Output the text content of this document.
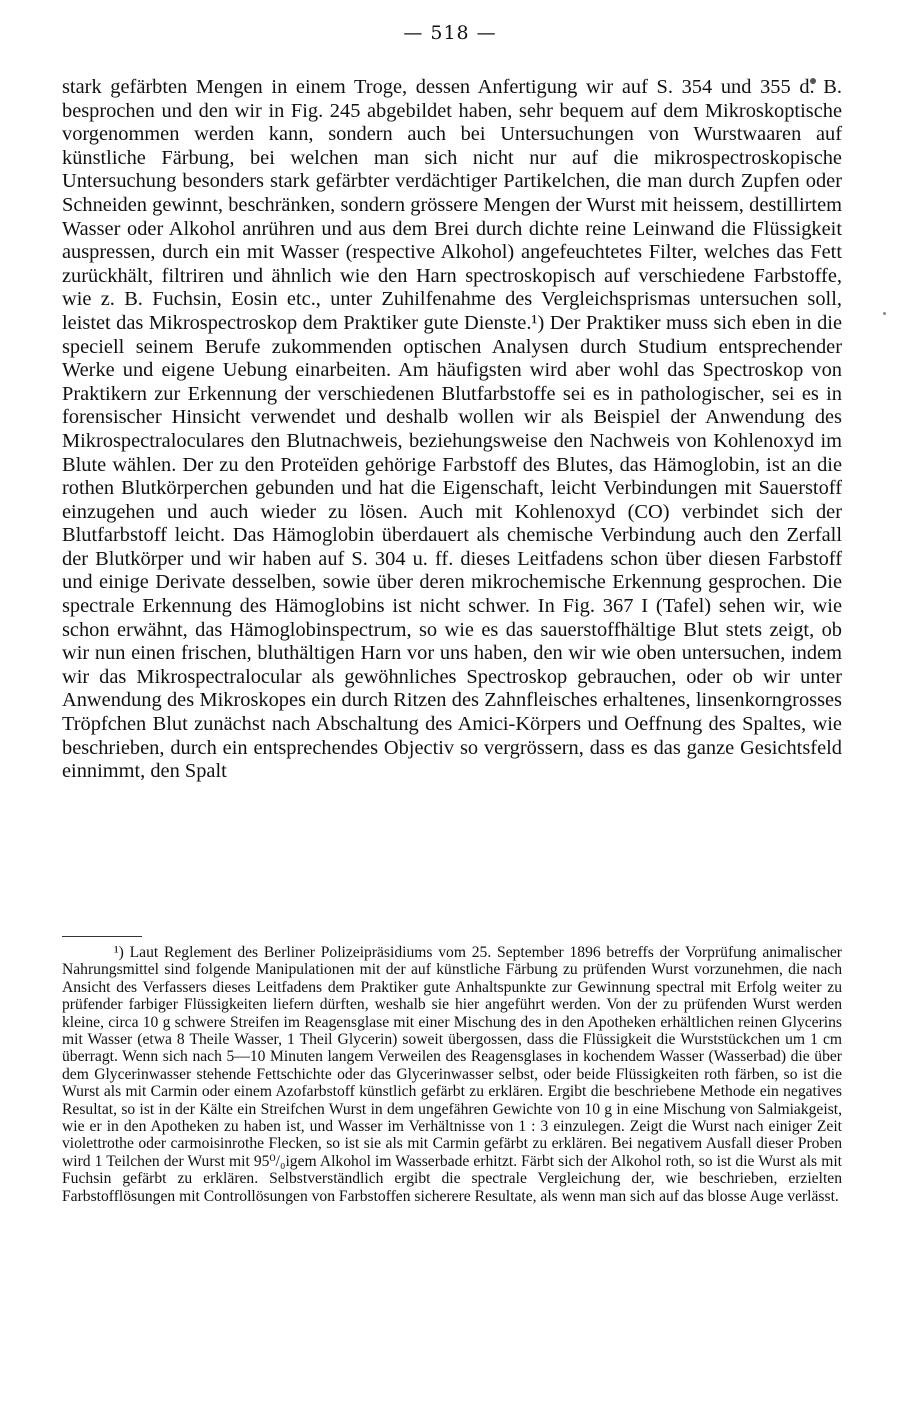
— 518 —

stark gefärbten Mengen in einem Troge, dessen Anfertigung wir auf S. 354 und 355 d. B. besprochen und den wir in Fig. 245 abgebildet haben, sehr bequem auf dem Mikroskoptische vorgenommen werden kann, sondern auch bei Untersuchungen von Wurstwaaren auf künstliche Färbung, bei welchen man sich nicht nur auf die mikrospectroskopische Untersuchung besonders stark gefärbter verdächtiger Partikelchen, die man durch Zupfen oder Schneiden gewinnt, beschränken, sondern grössere Mengen der Wurst mit heissem, destillirtem Wasser oder Alkohol anrühren und aus dem Brei durch dichte reine Leinwand die Flüssigkeit auspressen, durch ein mit Wasser (respective Alkohol) angefeuchtetes Filter, welches das Fett zurückhält, filtriren und ähnlich wie den Harn spectroskopisch auf verschiedene Farbstoffe, wie z. B. Fuchsin, Eosin etc., unter Zuhilfenahme des Vergleichsprismas untersuchen soll, leistet das Mikrospectroskop dem Praktiker gute Dienste.¹) Der Praktiker muss sich eben in die speciell seinem Berufe zukommenden optischen Analysen durch Studium entsprechender Werke und eigene Uebung einarbeiten. Am häufigsten wird aber wohl das Spectroskop von Praktikern zur Erkennung der verschiedenen Blutfarbstoffe sei es in pathologischer, sei es in forensischer Hinsicht verwendet und deshalb wollen wir als Beispiel der Anwendung des Mikrospectraloculares den Blutnachweis, beziehungsweise den Nachweis von Kohlenoxyd im Blute wählen. Der zu den Proteïden gehörige Farbstoff des Blutes, das Hämoglobin, ist an die rothen Blutkörperchen gebunden und hat die Eigenschaft, leicht Verbindungen mit Sauerstoff einzugehen und auch wieder zu lösen. Auch mit Kohlenoxyd (CO) verbindet sich der Blutfarbstoff leicht. Das Hämoglobin überdauert als chemische Verbindung auch den Zerfall der Blutkörper und wir haben auf S. 304 u. ff. dieses Leitfadens schon über diesen Farbstoff und einige Derivate desselben, sowie über deren mikrochemische Erkennung gesprochen. Die spectrale Erkennung des Hämoglobins ist nicht schwer. In Fig. 367 I (Tafel) sehen wir, wie schon erwähnt, das Hämoglobinspectrum, so wie es das sauerstoffhältige Blut stets zeigt, ob wir nun einen frischen, bluthältigen Harn vor uns haben, den wir wie oben untersuchen, indem wir das Mikrospectralocular als gewöhnliches Spectroskop gebrauchen, oder ob wir unter Anwendung des Mikroskopes ein durch Ritzen des Zahnfleisches erhaltenes, linsenkorngrosses Tröpfchen Blut zunächst nach Abschaltung des Amici-Körpers und Oeffnung des Spaltes, wie beschrieben, durch ein entsprechendes Objectiv so vergrössern, dass es das ganze Gesichtsfeld einnimmt, den Spalt

¹) Laut Reglement des Berliner Polizeipräsidiums vom 25. September 1896 betreffs der Vorprüfung animalischer Nahrungsmittel sind folgende Manipulationen mit der auf künstliche Färbung zu prüfenden Wurst vorzunehmen, die nach Ansicht des Verfassers dieses Leitfadens dem Praktiker gute Anhaltspunkte zur Gewinnung spectral mit Erfolg weiter zu prüfender farbiger Flüssigkeiten liefern dürften, weshalb sie hier angeführt werden. Von der zu prüfenden Wurst werden kleine, circa 10 g schwere Streifen im Reagensglase mit einer Mischung des in den Apotheken erhältlichen reinen Glycerins mit Wasser (etwa 8 Theile Wasser, 1 Theil Glycerin) soweit übergossen, dass die Flüssigkeit die Wurststückchen um 1 cm überragt. Wenn sich nach 5—10 Minuten langem Verweilen des Reagensglases in kochendem Wasser (Wasserbad) die über dem Glycerinwasser stehende Fettschichte oder das Glycerinwasser selbst, oder beide Flüssigkeiten roth färben, so ist die Wurst als mit Carmin oder einem Azofarbstoff künstlich gefärbt zu erklären. Ergibt die beschriebene Methode ein negatives Resultat, so ist in der Kälte ein Streifchen Wurst in dem ungefähren Gewichte von 10 g in eine Mischung von Salmiakgeist, wie er in den Apotheken zu haben ist, und Wasser im Verhältnisse von 1 : 3 einzulegen. Zeigt die Wurst nach einiger Zeit violettrothe oder carmoisinrothe Flecken, so ist sie als mit Carmin gefärbt zu erklären. Bei negativem Ausfall dieser Proben wird 1 Teilchen der Wurst mit 95⁰/₀igem Alkohol im Wasserbade erhitzt. Färbt sich der Alkohol roth, so ist die Wurst als mit Fuchsin gefärbt zu erklären. Selbstverständlich ergibt die spectrale Vergleichung der, wie beschrieben, erzielten Farbstofflösungen mit Controllösungen von Farbstoffen sicherere Resultate, als wenn man sich auf das blosse Auge verlässt.
